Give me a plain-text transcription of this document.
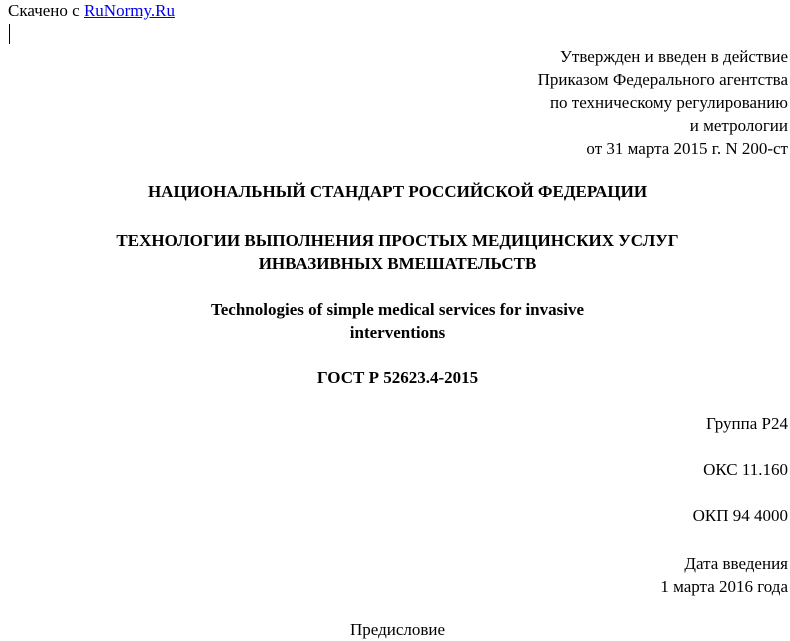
Скачено с RuNormy.Ru
Утвержден и введен в действие
Приказом Федерального агентства
по техническому регулированию
и метрологии
от 31 марта 2015 г. N 200-ст
НАЦИОНАЛЬНЫЙ СТАНДАРТ РОССИЙСКОЙ ФЕДЕРАЦИИ
ТЕХНОЛОГИИ ВЫПОЛНЕНИЯ ПРОСТЫХ МЕДИЦИНСКИХ УСЛУГ
ИНВАЗИВНЫХ ВМЕШАТЕЛЬСТВ
Technologies of simple medical services for invasive
interventions
ГОСТ Р 52623.4-2015
Группа Р24
ОКС 11.160
ОКП 94 4000
Дата введения
1 марта 2016 года
Предисловие
